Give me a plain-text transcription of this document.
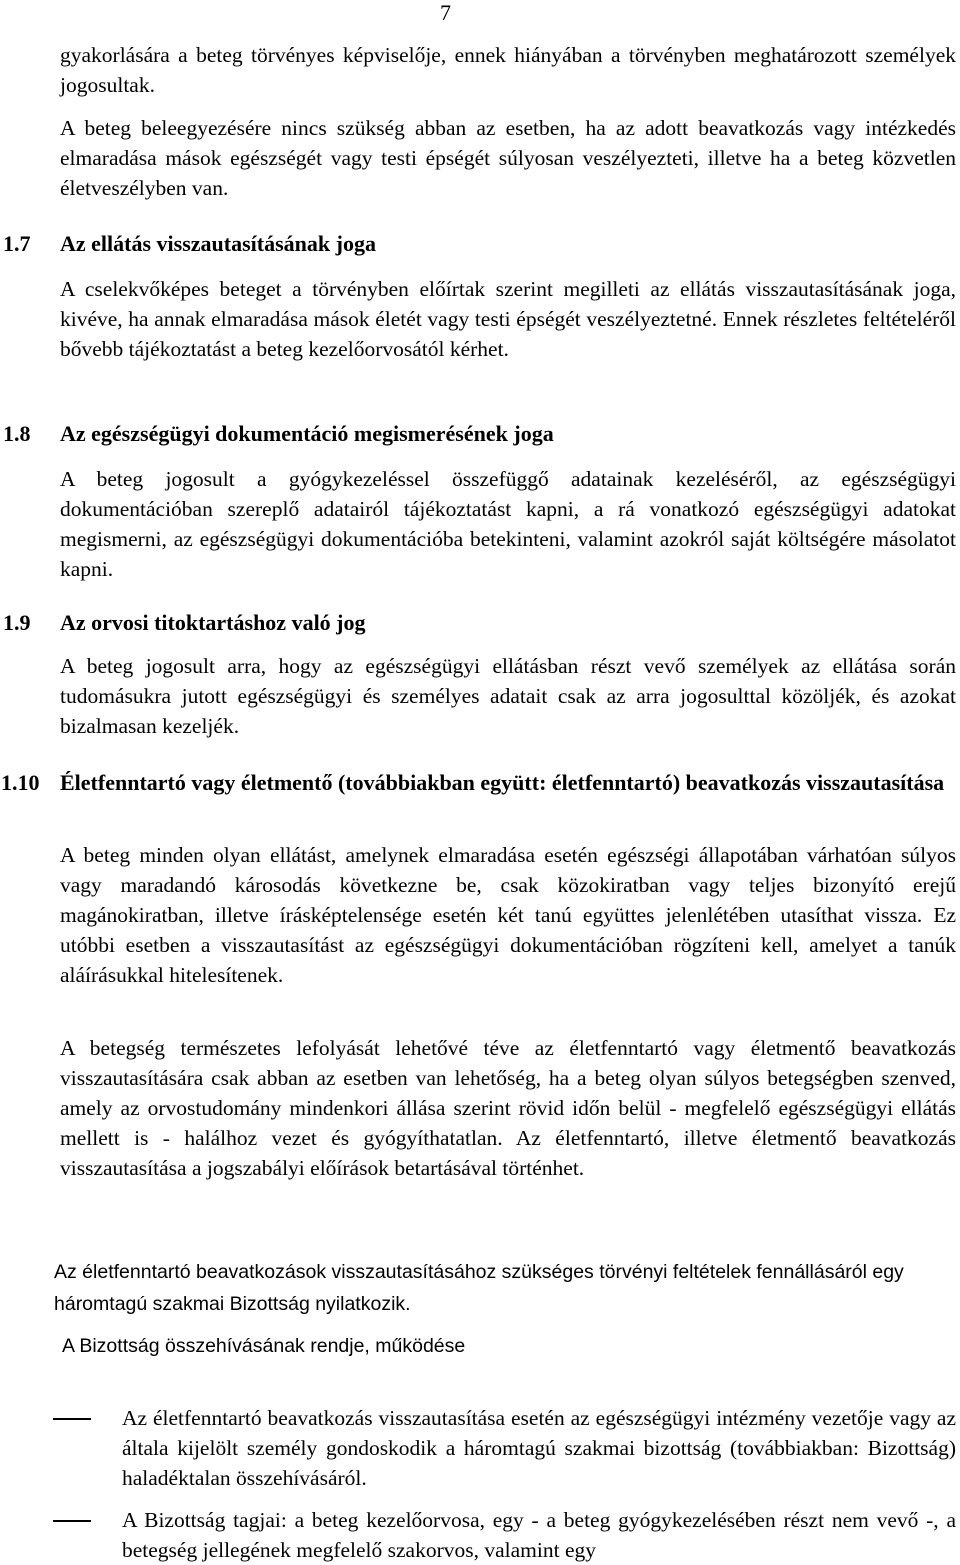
7
gyakorlására a beteg törvényes képviselője, ennek hiányában a törvényben meghatározott személyek jogosultak.
A beteg beleegyezésére nincs szükség abban az esetben, ha az adott beavatkozás vagy intézkedés elmaradása mások egészségét vagy testi épségét súlyosan veszélyezteti, illetve ha a beteg közvetlen életveszélyben van.
1.7 Az ellátás visszautasításának joga
A cselekvőképes beteget a törvényben előírtak szerint megilleti az ellátás visszautasításának joga, kivéve, ha annak elmaradása mások életét vagy testi épségét veszélyeztetné. Ennek részletes feltételéről bővebb tájékoztatást a beteg kezelőorvosától kérhet.
1.8 Az egészségügyi dokumentáció megismerésének joga
A beteg jogosult a gyógykezeléssel összefüggő adatainak kezeléséről, az egészségügyi dokumentációban szereplő adatairól tájékoztatást kapni, a rá vonatkozó egészségügyi adatokat megismerni, az egészségügyi dokumentációba betekinteni, valamint azokról saját költségére másolatot kapni.
1.9 Az orvosi titoktartáshoz való jog
A beteg jogosult arra, hogy az egészségügyi ellátásban részt vevő személyek az ellátása során tudomásukra jutott egészségügyi és személyes adatait csak az arra jogosulttal közöljék, és azokat bizalmasan kezeljék.
1.10 Életfenntartó vagy életmentő (továbbiakban együtt: életfenntartó) beavatkozás visszautasítása
A beteg minden olyan ellátást, amelynek elmaradása esetén egészségi állapotában várhatóan súlyos vagy maradandó károsodás következne be, csak közokiratban vagy teljes bizonyító erejű magánokiratban, illetve írásképtelensége esetén két tanú együttes jelenlétében utasíthat vissza. Ez utóbbi esetben a visszautasítást az egészségügyi dokumentációban rögzíteni kell, amelyet a tanúk aláírásukkal hitelesítenek.
A betegség természetes lefolyását lehetővé téve az életfenntartó vagy életmentő beavatkozás visszautasítására csak abban az esetben van lehetőség, ha a beteg olyan súlyos betegségben szenved, amely az orvostudomány mindenkori állása szerint rövid időn belül - megfelelő egészségügyi ellátás mellett is - halálhoz vezet és gyógyíthatatlan. Az életfenntartó, illetve életmentő beavatkozás visszautasítása a jogszabályi előírások betartásával történhet.
Az életfenntartó beavatkozások visszautasításához szükséges törvényi feltételek fennállásáról egy háromtagú szakmai Bizottság nyilatkozik.
A Bizottság összehívásának rendje, működése
Az életfenntartó beavatkozás visszautasítása esetén az egészségügyi intézmény vezetője vagy az általa kijelölt személy gondoskodik a háromtagú szakmai bizottság (továbbiakban: Bizottság) haladéktalan összehívásáról.
A Bizottság tagjai: a beteg kezelőorvosa, egy - a beteg gyógykezelésében részt nem vevő -, a betegség jellegének megfelelő szakorvos, valamint egy
